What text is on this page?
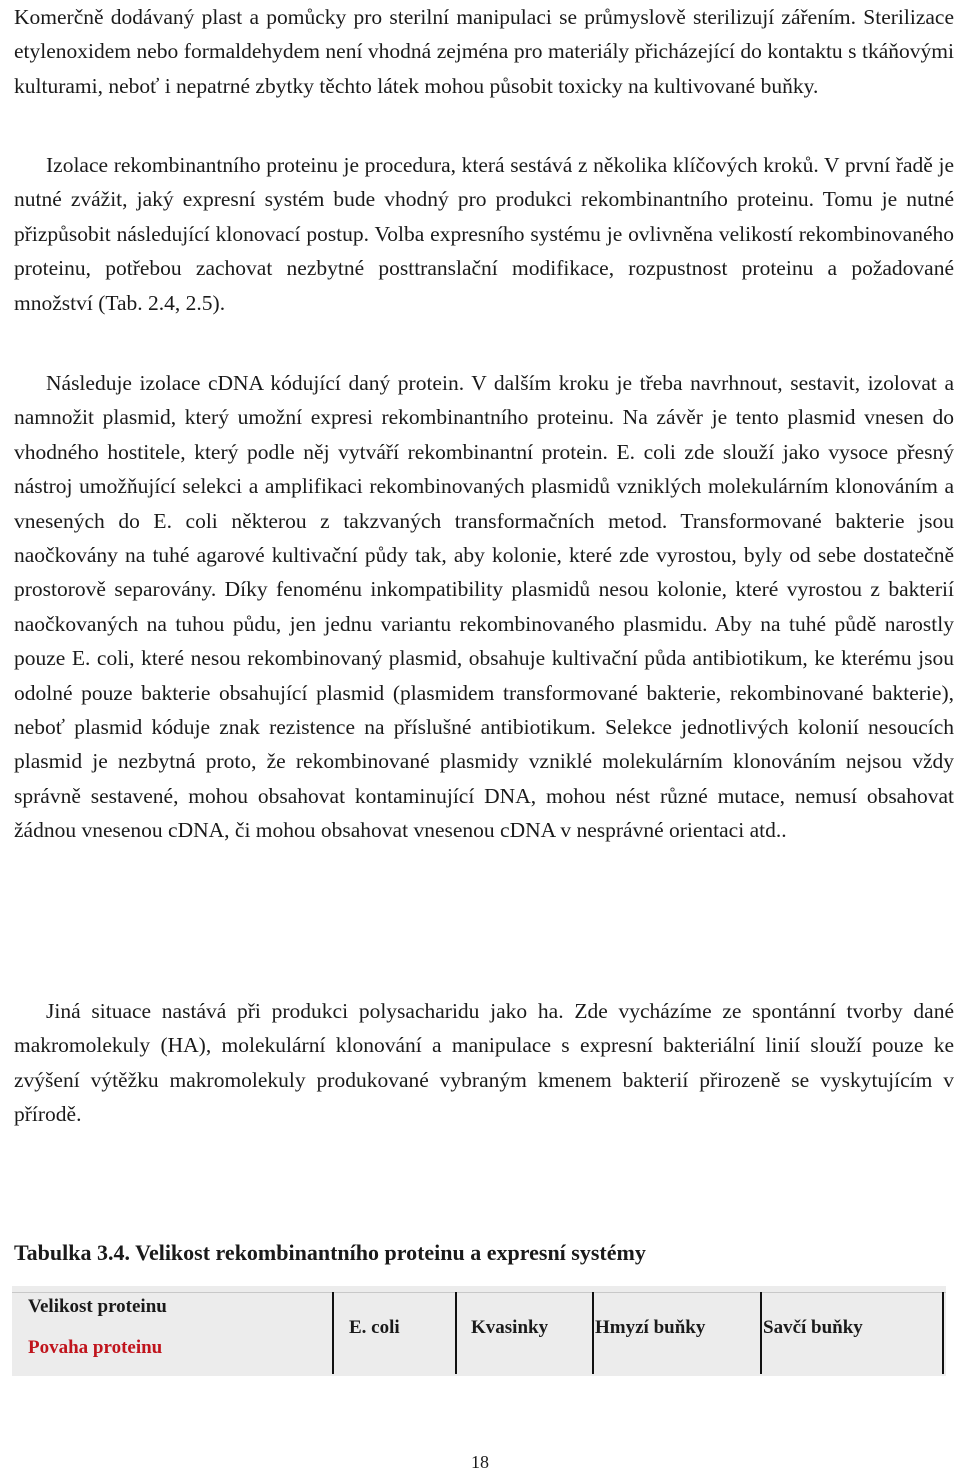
Komerčně dodávaný plast a pomůcky pro sterilní manipulaci se průmyslově sterilizují zářením. Sterilizace etylenoxidem nebo formaldehydem není vhodná zejména pro materiály přicházející do kontaktu s tkáňovými kulturami, neboť i nepatrné zbytky těchto látek mohou působit toxicky na kultivované buňky.

Izolace rekombinantního proteinu je procedura, která sestává z několika klíčových kroků. V první řadě je nutné zvážit, jaký expresní systém bude vhodný pro produkci rekombinantního proteinu. Tomu je nutné přizpůsobit následující klonovací postup. Volba expresního systému je ovlivněna velikostí rekombinovaného proteinu, potřebou zachovat nezbytné posttranslační modifikace, rozpustnost proteinu a požadované množství (Tab. 2.4, 2.5).

Následuje izolace cDNA kódující daný protein. V dalším kroku je třeba navrhnout, sestavit, izolovat a namnožit plasmid, který umožní expresi rekombinantního proteinu. Na závěr je tento plasmid vnesen do vhodného hostitele, který podle něj vytváří rekombinantní protein. E. coli zde slouží jako vysoce přesný nástroj umožňující selekci a amplifikaci rekombinovaných plasmidů vzniklých molekulárním klonováním a vnesených do E. coli některou z takzvaných transformačních metod. Transformované bakterie jsou naočkovány na tuhé agarové kultivační půdy tak, aby kolonie, které zde vyrostou, byly od sebe dostatečně prostorově separovány. Díky fenoménu inkompatibility plasmidů nesou kolonie, které vyrostou z bakterií naočkovaných na tuhou půdu, jen jednu variantu rekombinovaného plasmidu. Aby na tuhé půdě narostly pouze E. coli, které nesou rekombinovaný plasmid, obsahuje kultivační půda antibiotikum, ke kterému jsou odolné pouze bakterie obsahující plasmid (plasmidem transformované bakterie, rekombinované bakterie), neboť plasmid kóduje znak rezistence na příslušné antibiotikum. Selekce jednotlivých kolonií nesoucích plasmid je nezbytná proto, že rekombinované plasmidy vzniklé molekulárním klonováním nejsou vždy správně sestavené, mohou obsahovat kontaminující DNA, mohou nést různé mutace, nemusí obsahovat žádnou vnesenou cDNA, či mohou obsahovat vnesenou cDNA v nesprávné orientaci atd..

Jiná situace nastává při produkci polysacharidu jako ha. Zde vycházíme ze spontánní tvorby dané makromolekuly (HA), molekulární klonování a manipulace s expresní bakteriální linií slouží pouze ke zvýšení výtěžku makromolekuly produkované vybraným kmenem bakterií přirozeně se vyskytujícím v přírodě.

Tabulka 3.4. Velikost rekombinantního proteinu a expresní systémy

Velikost proteinu
Povaha proteinu
E. coli	Kvasinky Hmyzí buňky	Savčí buňky

18
